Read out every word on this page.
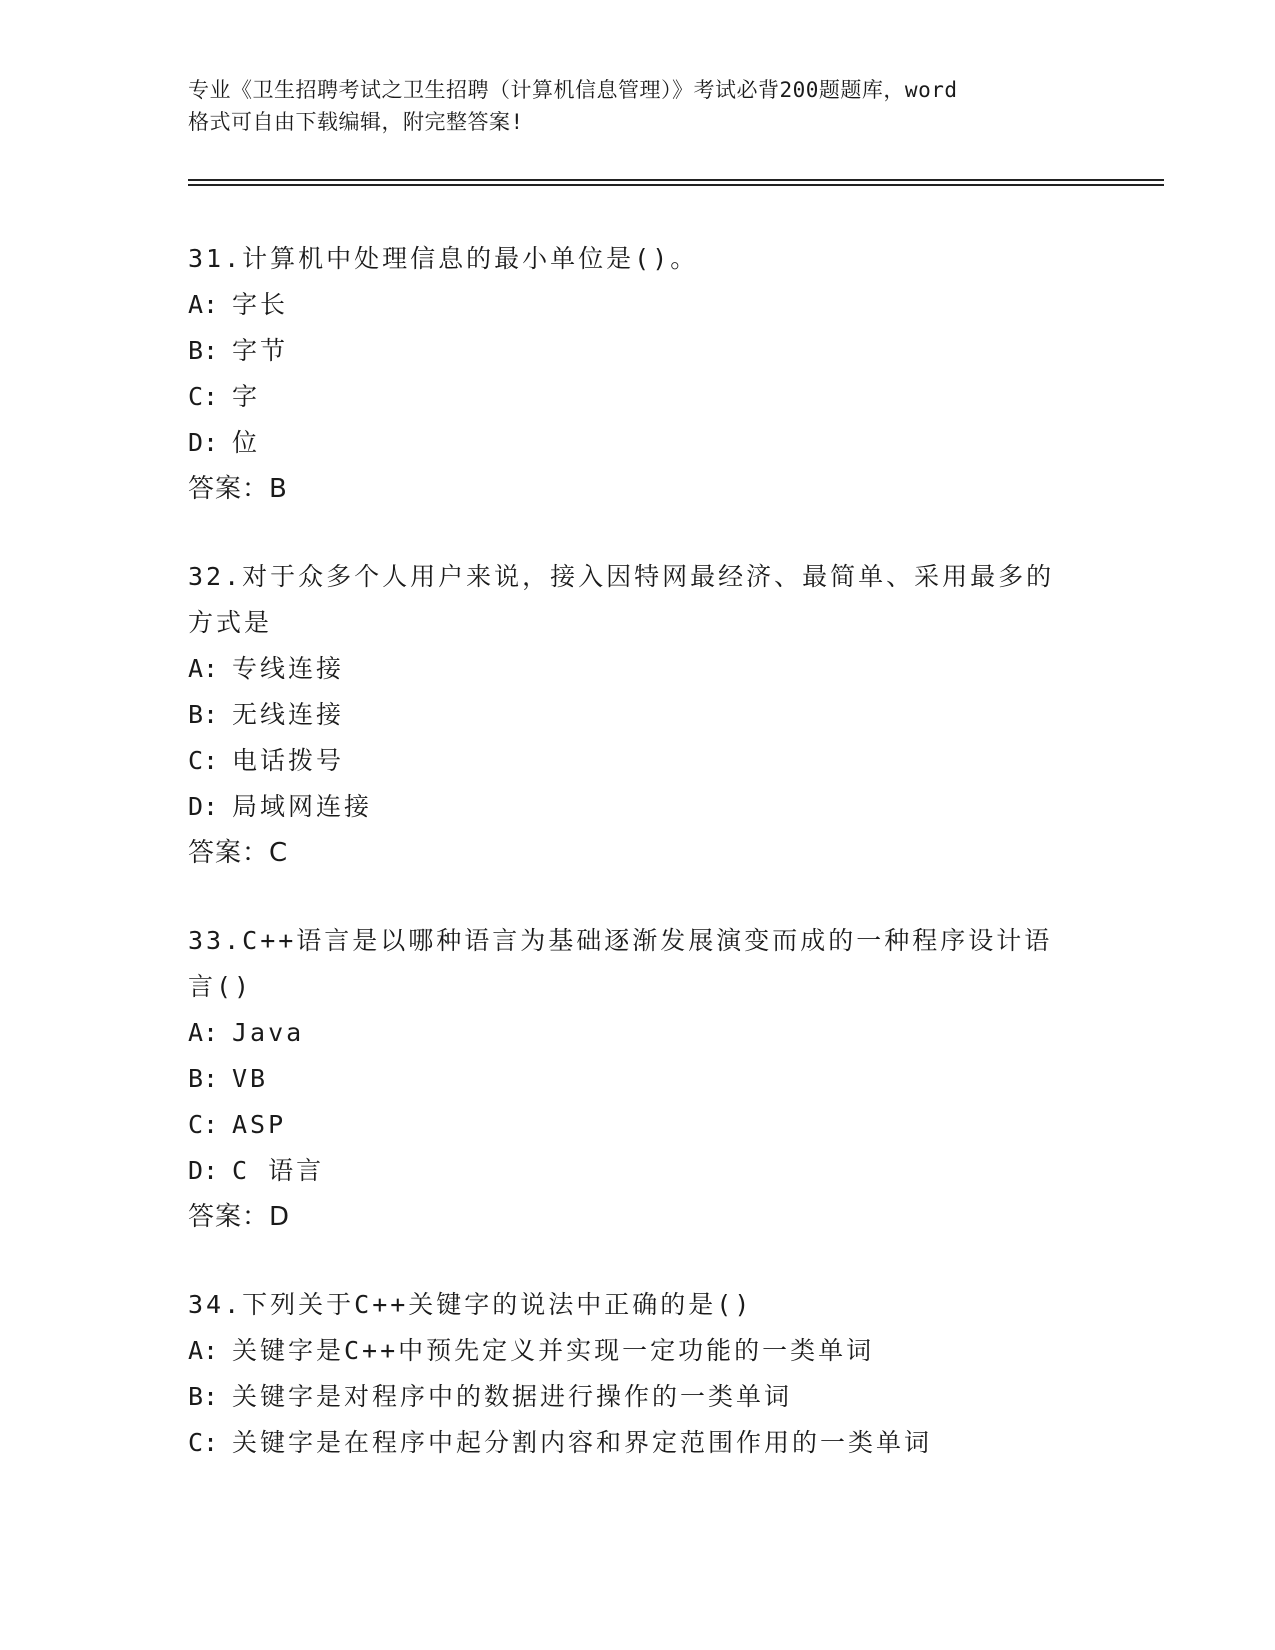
专业《卫生招聘考试之卫生招聘（计算机信息管理）》考试必背200题题库，word
格式可自由下载编辑，附完整答案!
31.计算机中处理信息的最小单位是()。
A: 字长
B: 字节
C: 字
D: 位
答案：B
32.对于众多个人用户来说，接入因特网最经济、最简单、采用最多的
方式是
A: 专线连接
B: 无线连接
C: 电话拨号
D: 局域网连接
答案：C
33.C++语言是以哪种语言为基础逐渐发展演变而成的一种程序设计语
言()
A: Java
B: VB
C: ASP
D: C 语言
答案：D
34.下列关于C++关键字的说法中正确的是()
A: 关键字是C++中预先定义并实现一定功能的一类单词
B: 关键字是对程序中的数据进行操作的一类单词
C: 关键字是在程序中起分割内容和界定范围作用的一类单词
